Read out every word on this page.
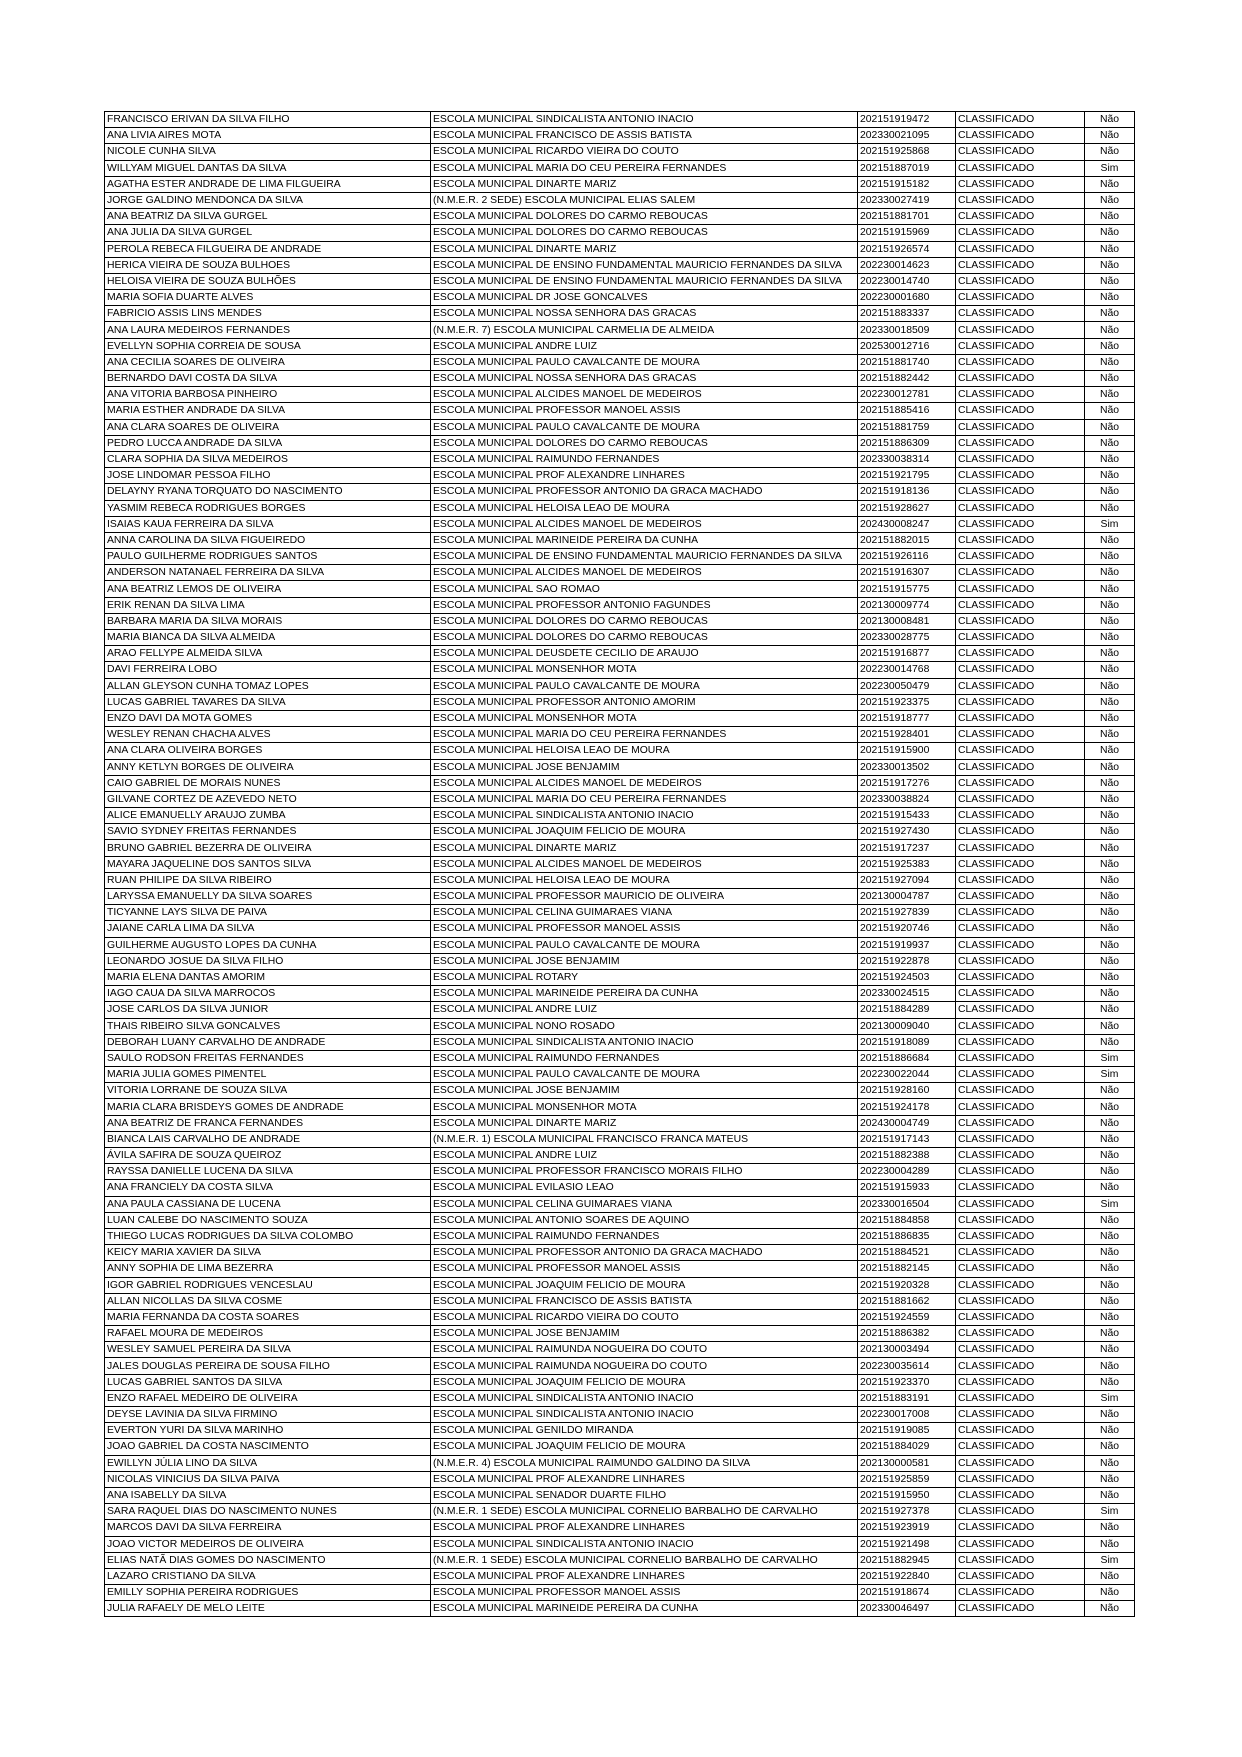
FRANCISCO ERIVAN DA SILVA FILHO	ESCOLA MUNICIPAL SINDICALISTA ANTONIO INACIO	202151919472	CLASSIFICADO	Não
ANA LIVIA AIRES MOTA	ESCOLA MUNICIPAL FRANCISCO DE ASSIS BATISTA	202330021095	CLASSIFICADO	Não
NICOLE CUNHA SILVA	ESCOLA MUNICIPAL RICARDO VIEIRA DO COUTO	202151925868	CLASSIFICADO	Não
WILLYAM MIGUEL DANTAS DA SILVA	ESCOLA MUNICIPAL MARIA DO CEU PEREIRA FERNANDES	202151887019	CLASSIFICADO	Sim
AGATHA ESTER ANDRADE DE LIMA FILGUEIRA	ESCOLA MUNICIPAL DINARTE MARIZ	202151915182	CLASSIFICADO	Não
JORGE GALDINO MENDONCA DA SILVA	(N.M.E.R. 2 SEDE) ESCOLA MUNICIPAL ELIAS SALEM	202330027419	CLASSIFICADO	Não
ANA BEATRIZ DA SILVA GURGEL	ESCOLA MUNICIPAL DOLORES DO CARMO REBOUCAS	202151881701	CLASSIFICADO	Não
ANA JULIA DA SILVA GURGEL	ESCOLA MUNICIPAL DOLORES DO CARMO REBOUCAS	202151915969	CLASSIFICADO	Não
PEROLA REBECA FILGUEIRA DE ANDRADE	ESCOLA MUNICIPAL DINARTE MARIZ	202151926574	CLASSIFICADO	Não
HERICA VIEIRA DE SOUZA BULHOES	ESCOLA MUNICIPAL DE ENSINO FUNDAMENTAL MAURICIO FERNANDES DA SILVA	202230014623	CLASSIFICADO	Não
HELOISA VIEIRA DE SOUZA BULHÕES	ESCOLA MUNICIPAL DE ENSINO FUNDAMENTAL MAURICIO FERNANDES DA SILVA	202230014740	CLASSIFICADO	Não
MARIA SOFIA DUARTE ALVES	ESCOLA MUNICIPAL DR JOSE GONCALVES	202230001680	CLASSIFICADO	Não
FABRICIO ASSIS LINS MENDES	ESCOLA MUNICIPAL NOSSA SENHORA DAS GRACAS	202151883337	CLASSIFICADO	Não
ANA LAURA MEDEIROS FERNANDES	(N.M.E.R. 7) ESCOLA MUNICIPAL CARMELIA DE ALMEIDA	202330018509	CLASSIFICADO	Não
EVELLYN SOPHIA CORREIA DE SOUSA	ESCOLA MUNICIPAL ANDRE LUIZ	202530012716	CLASSIFICADO	Não
ANA CECILIA SOARES DE OLIVEIRA	ESCOLA MUNICIPAL PAULO CAVALCANTE DE MOURA	202151881740	CLASSIFICADO	Não
BERNARDO DAVI COSTA DA SILVA	ESCOLA MUNICIPAL NOSSA SENHORA DAS GRACAS	202151882442	CLASSIFICADO	Não
ANA VITORIA BARBOSA PINHEIRO	ESCOLA MUNICIPAL ALCIDES MANOEL DE MEDEIROS	202230012781	CLASSIFICADO	Não
MARIA ESTHER ANDRADE DA SILVA	ESCOLA MUNICIPAL PROFESSOR MANOEL ASSIS	202151885416	CLASSIFICADO	Não
ANA CLARA SOARES DE OLIVEIRA	ESCOLA MUNICIPAL PAULO CAVALCANTE DE MOURA	202151881759	CLASSIFICADO	Não
PEDRO LUCCA ANDRADE DA SILVA	ESCOLA MUNICIPAL DOLORES DO CARMO REBOUCAS	202151886309	CLASSIFICADO	Não
CLARA SOPHIA DA SILVA MEDEIROS	ESCOLA MUNICIPAL RAIMUNDO FERNANDES	202330038314	CLASSIFICADO	Não
JOSE LINDOMAR PESSOA FILHO	ESCOLA MUNICIPAL PROF ALEXANDRE LINHARES	202151921795	CLASSIFICADO	Não
DELAYNY RYANA TORQUATO DO NASCIMENTO	ESCOLA MUNICIPAL PROFESSOR ANTONIO DA GRACA MACHADO	202151918136	CLASSIFICADO	Não
YASMIM REBECA RODRIGUES BORGES	ESCOLA MUNICIPAL HELOISA LEAO DE MOURA	202151928627	CLASSIFICADO	Não
ISAIAS KAUA FERREIRA DA SILVA	ESCOLA MUNICIPAL ALCIDES MANOEL DE MEDEIROS	202430008247	CLASSIFICADO	Sim
ANNA CAROLINA DA SILVA FIGUEIREDO	ESCOLA MUNICIPAL MARINEIDE PEREIRA DA CUNHA	202151882015	CLASSIFICADO	Não
PAULO GUILHERME RODRIGUES SANTOS	ESCOLA MUNICIPAL DE ENSINO FUNDAMENTAL MAURICIO FERNANDES DA SILVA	202151926116	CLASSIFICADO	Não
ANDERSON NATANAEL FERREIRA DA SILVA	ESCOLA MUNICIPAL ALCIDES MANOEL DE MEDEIROS	202151916307	CLASSIFICADO	Não
ANA BEATRIZ LEMOS DE OLIVEIRA	ESCOLA MUNICIPAL SAO ROMAO	202151915775	CLASSIFICADO	Não
ERIK RENAN DA SILVA LIMA	ESCOLA MUNICIPAL PROFESSOR ANTONIO FAGUNDES	202130009774	CLASSIFICADO	Não
BARBARA MARIA DA SILVA MORAIS	ESCOLA MUNICIPAL DOLORES DO CARMO REBOUCAS	202130008481	CLASSIFICADO	Não
MARIA BIANCA DA SILVA ALMEIDA	ESCOLA MUNICIPAL DOLORES DO CARMO REBOUCAS	202330028775	CLASSIFICADO	Não
ARAO FELLYPE ALMEIDA SILVA	ESCOLA MUNICIPAL DEUSDETE CECILIO DE ARAUJO	202151916877	CLASSIFICADO	Não
DAVI FERREIRA LOBO	ESCOLA MUNICIPAL MONSENHOR MOTA	202230014768	CLASSIFICADO	Não
ALLAN GLEYSON CUNHA TOMAZ LOPES	ESCOLA MUNICIPAL PAULO CAVALCANTE DE MOURA	202230050479	CLASSIFICADO	Não
LUCAS GABRIEL TAVARES DA SILVA	ESCOLA MUNICIPAL PROFESSOR ANTONIO AMORIM	202151923375	CLASSIFICADO	Não
ENZO DAVI DA MOTA GOMES	ESCOLA MUNICIPAL MONSENHOR MOTA	202151918777	CLASSIFICADO	Não
WESLEY RENAN CHACHA ALVES	ESCOLA MUNICIPAL MARIA DO CEU PEREIRA FERNANDES	202151928401	CLASSIFICADO	Não
ANA CLARA OLIVEIRA BORGES	ESCOLA MUNICIPAL HELOISA LEAO DE MOURA	202151915900	CLASSIFICADO	Não
ANNY KETLYN BORGES DE OLIVEIRA	ESCOLA MUNICIPAL JOSE BENJAMIM	202330013502	CLASSIFICADO	Não
CAIO GABRIEL DE MORAIS NUNES	ESCOLA MUNICIPAL ALCIDES MANOEL DE MEDEIROS	202151917276	CLASSIFICADO	Não
GILVANE CORTEZ DE AZEVEDO NETO	ESCOLA MUNICIPAL MARIA DO CEU PEREIRA FERNANDES	202330038824	CLASSIFICADO	Não
ALICE EMANUELLY ARAUJO ZUMBA	ESCOLA MUNICIPAL SINDICALISTA ANTONIO INACIO	202151915433	CLASSIFICADO	Não
SAVIO SYDNEY FREITAS FERNANDES	ESCOLA MUNICIPAL JOAQUIM FELICIO DE MOURA	202151927430	CLASSIFICADO	Não
BRUNO GABRIEL BEZERRA DE OLIVEIRA	ESCOLA MUNICIPAL DINARTE MARIZ	202151917237	CLASSIFICADO	Não
MAYARA JAQUELINE DOS SANTOS SILVA	ESCOLA MUNICIPAL ALCIDES MANOEL DE MEDEIROS	202151925383	CLASSIFICADO	Não
RUAN PHILIPE DA SILVA RIBEIRO	ESCOLA MUNICIPAL HELOISA LEAO DE MOURA	202151927094	CLASSIFICADO	Não
LARYSSA EMANUELLY DA SILVA SOARES	ESCOLA MUNICIPAL PROFESSOR MAURICIO DE OLIVEIRA	202130004787	CLASSIFICADO	Não
TICYANNE LAYS SILVA DE PAIVA	ESCOLA MUNICIPAL CELINA GUIMARAES VIANA	202151927839	CLASSIFICADO	Não
JAIANE CARLA LIMA DA SILVA	ESCOLA MUNICIPAL PROFESSOR MANOEL ASSIS	202151920746	CLASSIFICADO	Não
GUILHERME AUGUSTO LOPES DA CUNHA	ESCOLA MUNICIPAL PAULO CAVALCANTE DE MOURA	202151919937	CLASSIFICADO	Não
LEONARDO JOSUE DA SILVA FILHO	ESCOLA MUNICIPAL JOSE BENJAMIM	202151922878	CLASSIFICADO	Não
MARIA ELENA DANTAS AMORIM	ESCOLA MUNICIPAL ROTARY	202151924503	CLASSIFICADO	Não
IAGO CAUA DA SILVA MARROCOS	ESCOLA MUNICIPAL MARINEIDE PEREIRA DA CUNHA	202330024515	CLASSIFICADO	Não
JOSE CARLOS DA SILVA JUNIOR	ESCOLA MUNICIPAL ANDRE LUIZ	202151884289	CLASSIFICADO	Não
THAIS RIBEIRO SILVA GONCALVES	ESCOLA MUNICIPAL NONO ROSADO	202130009040	CLASSIFICADO	Não
DEBORAH LUANY CARVALHO DE ANDRADE	ESCOLA MUNICIPAL SINDICALISTA ANTONIO INACIO	202151918089	CLASSIFICADO	Não
SAULO RODSON FREITAS FERNANDES	ESCOLA MUNICIPAL RAIMUNDO FERNANDES	202151886684	CLASSIFICADO	Sim
MARIA JULIA GOMES PIMENTEL	ESCOLA MUNICIPAL PAULO CAVALCANTE DE MOURA	202230022044	CLASSIFICADO	Sim
VITORIA LORRANE DE SOUZA SILVA	ESCOLA MUNICIPAL JOSE BENJAMIM	202151928160	CLASSIFICADO	Não
MARIA CLARA BRISDEYS GOMES DE ANDRADE	ESCOLA MUNICIPAL MONSENHOR MOTA	202151924178	CLASSIFICADO	Não
ANA BEATRIZ DE FRANCA FERNANDES	ESCOLA MUNICIPAL DINARTE MARIZ	202430004749	CLASSIFICADO	Não
BIANCA LAIS CARVALHO DE ANDRADE	(N.M.E.R. 1) ESCOLA MUNICIPAL FRANCISCO FRANCA MATEUS	202151917143	CLASSIFICADO	Não
ÁVILA SAFIRA DE SOUZA QUEIROZ	ESCOLA MUNICIPAL ANDRE LUIZ	202151882388	CLASSIFICADO	Não
RAYSSA DANIELLE LUCENA DA SILVA	ESCOLA MUNICIPAL PROFESSOR FRANCISCO MORAIS FILHO	202230004289	CLASSIFICADO	Não
ANA FRANCIELY DA COSTA SILVA	ESCOLA MUNICIPAL EVILASIO LEAO	202151915933	CLASSIFICADO	Não
ANA PAULA CASSIANA DE LUCENA	ESCOLA MUNICIPAL CELINA GUIMARAES VIANA	202330016504	CLASSIFICADO	Sim
LUAN CALEBE DO NASCIMENTO SOUZA	ESCOLA MUNICIPAL ANTONIO SOARES DE AQUINO	202151884858	CLASSIFICADO	Não
THIEGO LUCAS RODRIGUES DA SILVA COLOMBO	ESCOLA MUNICIPAL RAIMUNDO FERNANDES	202151886835	CLASSIFICADO	Não
KEICY MARIA XAVIER DA SILVA	ESCOLA MUNICIPAL PROFESSOR ANTONIO DA GRACA MACHADO	202151884521	CLASSIFICADO	Não
ANNY SOPHIA DE LIMA BEZERRA	ESCOLA MUNICIPAL PROFESSOR MANOEL ASSIS	202151882145	CLASSIFICADO	Não
IGOR GABRIEL RODRIGUES VENCESLAU	ESCOLA MUNICIPAL JOAQUIM FELICIO DE MOURA	202151920328	CLASSIFICADO	Não
ALLAN NICOLLAS DA SILVA COSME	ESCOLA MUNICIPAL FRANCISCO DE ASSIS BATISTA	202151881662	CLASSIFICADO	Não
MARIA FERNANDA DA COSTA SOARES	ESCOLA MUNICIPAL RICARDO VIEIRA DO COUTO	202151924559	CLASSIFICADO	Não
RAFAEL MOURA DE MEDEIROS	ESCOLA MUNICIPAL JOSE BENJAMIM	202151886382	CLASSIFICADO	Não
WESLEY SAMUEL PEREIRA DA SILVA	ESCOLA MUNICIPAL RAIMUNDA NOGUEIRA DO COUTO	202130003494	CLASSIFICADO	Não
JALES DOUGLAS PEREIRA DE SOUSA FILHO	ESCOLA MUNICIPAL RAIMUNDA NOGUEIRA DO COUTO	202230035614	CLASSIFICADO	Não
LUCAS GABRIEL SANTOS DA SILVA	ESCOLA MUNICIPAL JOAQUIM FELICIO DE MOURA	202151923370	CLASSIFICADO	Não
ENZO RAFAEL MEDEIRO DE OLIVEIRA	ESCOLA MUNICIPAL SINDICALISTA ANTONIO INACIO	202151883191	CLASSIFICADO	Sim
DEYSE LAVINIA DA SILVA FIRMINO	ESCOLA MUNICIPAL SINDICALISTA ANTONIO INACIO	202230017008	CLASSIFICADO	Não
EVERTON YURI DA SILVA MARINHO	ESCOLA MUNICIPAL GENILDO MIRANDA	202151919085	CLASSIFICADO	Não
JOAO GABRIEL DA COSTA NASCIMENTO	ESCOLA MUNICIPAL JOAQUIM FELICIO DE MOURA	202151884029	CLASSIFICADO	Não
EWILLYN JÚLIA LINO DA SILVA	(N.M.E.R. 4) ESCOLA MUNICIPAL RAIMUNDO GALDINO DA SILVA	202130000581	CLASSIFICADO	Não
NICOLAS VINICIUS DA SILVA PAIVA	ESCOLA MUNICIPAL PROF ALEXANDRE LINHARES	202151925859	CLASSIFICADO	Não
ANA ISABELLY DA SILVA	ESCOLA MUNICIPAL SENADOR DUARTE FILHO	202151915950	CLASSIFICADO	Não
SARA RAQUEL DIAS DO NASCIMENTO NUNES	(N.M.E.R. 1 SEDE) ESCOLA MUNICIPAL CORNELIO BARBALHO DE CARVALHO	202151927378	CLASSIFICADO	Sim
MARCOS DAVI DA SILVA FERREIRA	ESCOLA MUNICIPAL PROF ALEXANDRE LINHARES	202151923919	CLASSIFICADO	Não
JOAO VICTOR MEDEIROS DE OLIVEIRA	ESCOLA MUNICIPAL SINDICALISTA ANTONIO INACIO	202151921498	CLASSIFICADO	Não
ELIAS NATÃ DIAS GOMES DO NASCIMENTO	(N.M.E.R. 1 SEDE) ESCOLA MUNICIPAL CORNELIO BARBALHO DE CARVALHO	202151882945	CLASSIFICADO	Sim
LAZARO CRISTIANO DA SILVA	ESCOLA MUNICIPAL PROF ALEXANDRE LINHARES	202151922840	CLASSIFICADO	Não
EMILLY SOPHIA PEREIRA RODRIGUES	ESCOLA MUNICIPAL PROFESSOR MANOEL ASSIS	202151918674	CLASSIFICADO	Não
JULIA RAFAELY DE MELO LEITE	ESCOLA MUNICIPAL MARINEIDE PEREIRA DA CUNHA	202330046497	CLASSIFICADO	Não
